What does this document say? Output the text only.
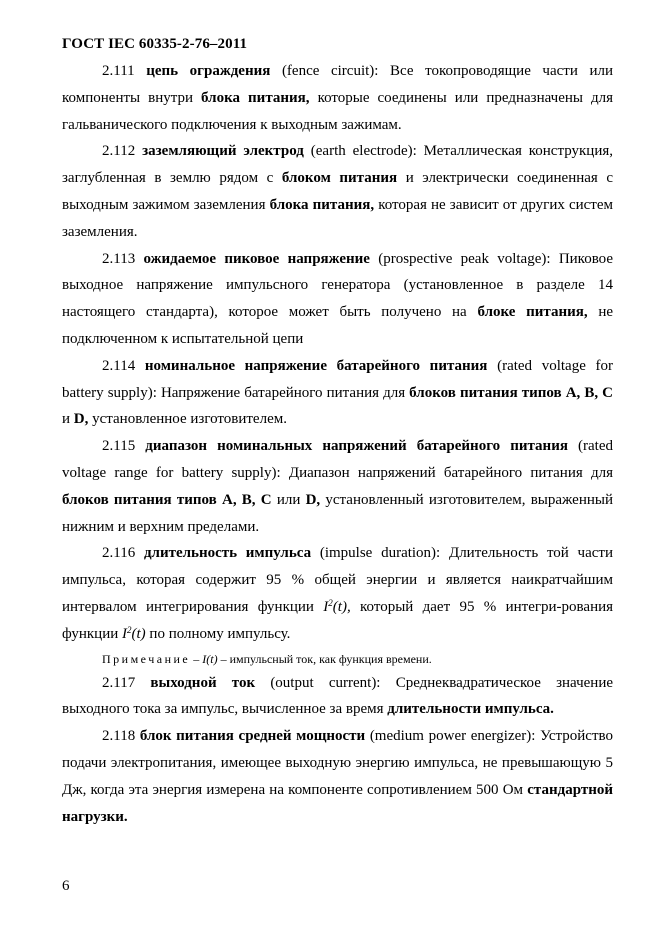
ГОСТ IEC 60335-2-76–2011

2.111 цепь ограждения (fence circuit): Все токопроводящие части или компоненты внутри блока питания, которые соединены или предназначены для гальванического подключения к выходным зажимам.

2.112 заземляющий электрод (earth electrode): Металлическая конструкция, заглубленная в землю рядом с блоком питания и электрически соединенная с выходным зажимом заземления блока питания, которая не зависит от других систем заземления.

2.113 ожидаемое пиковое напряжение (prospective peak voltage): Пиковое выходное напряжение импульсного генератора (установленное в разделе 14 настоящего стандарта), которое может быть получено на блоке питания, не подключенном к испытательной цепи

2.114 номинальное напряжение батарейного питания (rated voltage for battery supply): Напряжение батарейного питания для блоков питания типов А, В, С и D, установленное изготовителем.

2.115 диапазон номинальных напряжений батарейного питания (rated voltage range for battery supply): Диапазон напряжений батарейного питания для блоков питания типов А, В, С или D, установленный изготовителем, выраженный нижним и верхним пределами.

2.116 длительность импульса (impulse duration): Длительность той части импульса, которая содержит 95 % общей энергии и является наикратчайшим интервалом интегрирования функции $I^2(t)$, который дает 95 % интегри-рования функции $I^2(t)$ по полному импульсу.

Примечание – I(t) – импульсный ток, как функция времени.

2.117 выходной ток (output current): Среднеквадратическое значение выходного тока за импульс, вычисленное за время длительности импульса.

2.118 блок питания средней мощности (medium power energizer): Устройство подачи электропитания, имеющее выходную энергию импульса, не превышающую 5 Дж, когда эта энергия измерена на компоненте сопротивлением 500 Ом стандартной нагрузки.

6
